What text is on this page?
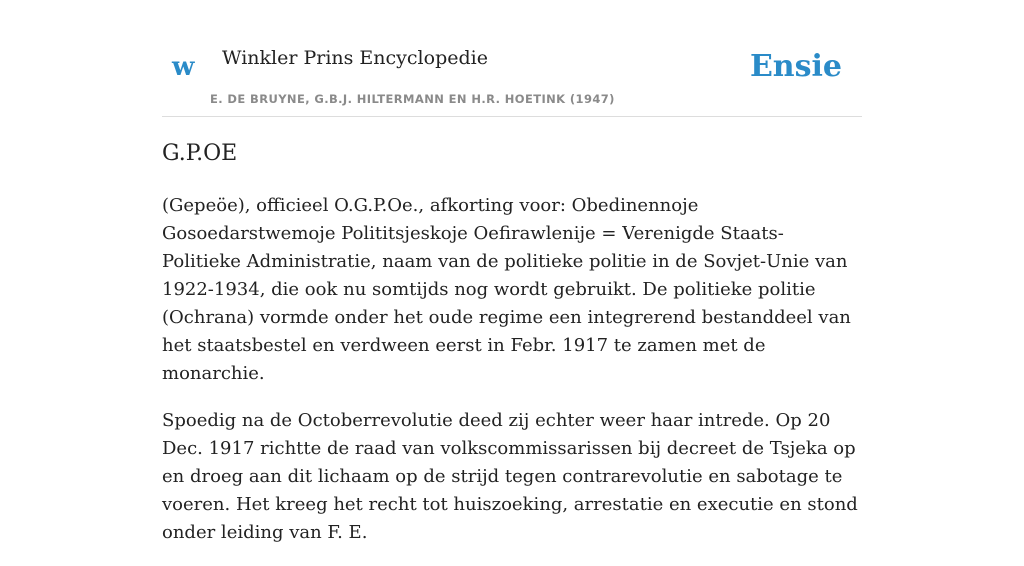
w Winkler Prins Encyclopedie
E. DE BRUYNE, G.B.J. HILTERMANN EN H.R. HOETINK (1947)
Ensie
G.P.OE

(Gepeöe), officieel O.G.P.Oe., afkorting voor: Obedinennoje Gosoedarstwemoje Polititsjeskoje Oefirawlenije = Verenigde Staats-Politieke Administratie, naam van de politieke politie in de Sovjet-Unie van 1922-1934, die ook nu somtijds nog wordt gebruikt. De politieke politie (Ochrana) vormde onder het oude regime een integrerend bestanddeel van het staatsbestel en verdween eerst in Febr. 1917 te zamen met de monarchie.

Spoedig na de Octoberrevolutie deed zij echter weer haar intrede. Op 20 Dec. 1917 richtte de raad van volkscommissarissen bij decreet de Tsjeka op en droeg aan dit lichaam op de strijd tegen contrarevolutie en sabotage te voeren. Het kreeg het recht tot huiszoeking, arrestatie en executie en stond onder leiding van F. E.
